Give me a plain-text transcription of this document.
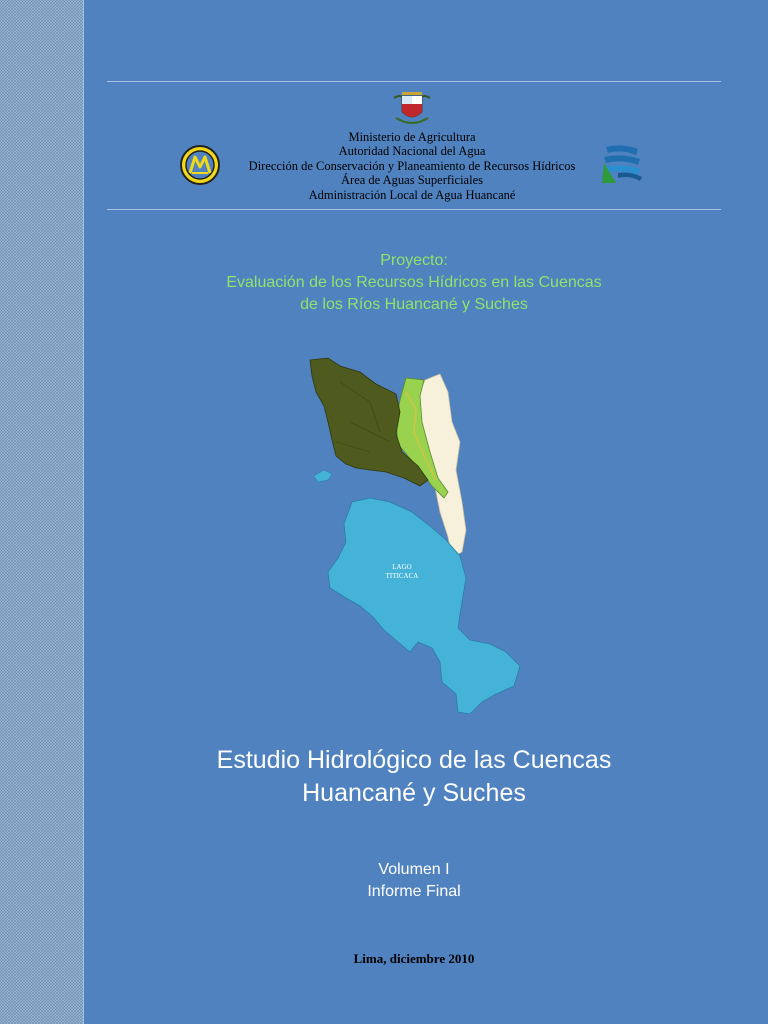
Ministerio de Agricultura
Autoridad Nacional del Agua
Dirección de Conservación y Planeamiento de Recursos Hídricos
Área de Aguas Superficiales
Administración Local de Agua Huancané
Proyecto:
Evaluación de los Recursos Hídricos en las Cuencas
de los Ríos Huancané y Suches
LAGO
TITICACA
Estudio Hidrológico de las Cuencas
Huancané y Suches
Volumen I
Informe Final
Lima, diciembre 2010
